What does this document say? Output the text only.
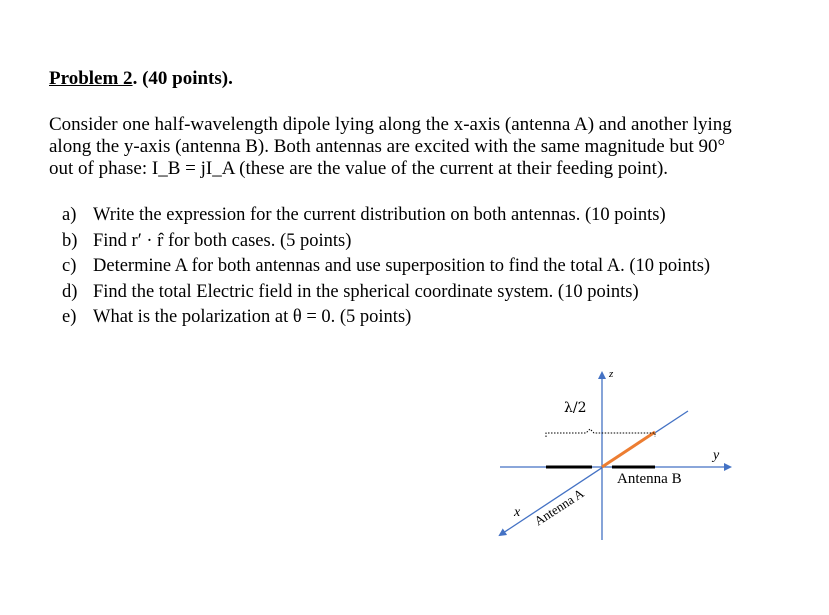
Problem 2. (40 points).

Consider one half-wavelength dipole lying along the x-axis (antenna A) and another lying
along the y-axis (antenna B). Both antennas are excited with the same magnitude but 90°
out of phase: I_B = jI_A (these are the value of the current at their feeding point).

a) Write the expression for the current distribution on both antennas. (10 points)
b) Find r′ · r̂ for both cases. (5 points)
c) Determine A for both antennas and use superposition to find the total A. (10 points)
d) Find the total Electric field in the spherical coordinate system. (10 points)
e) What is the polarization at θ = 0. (5 points)
z
y
x
λ/2
Antenna B
Antenna A
